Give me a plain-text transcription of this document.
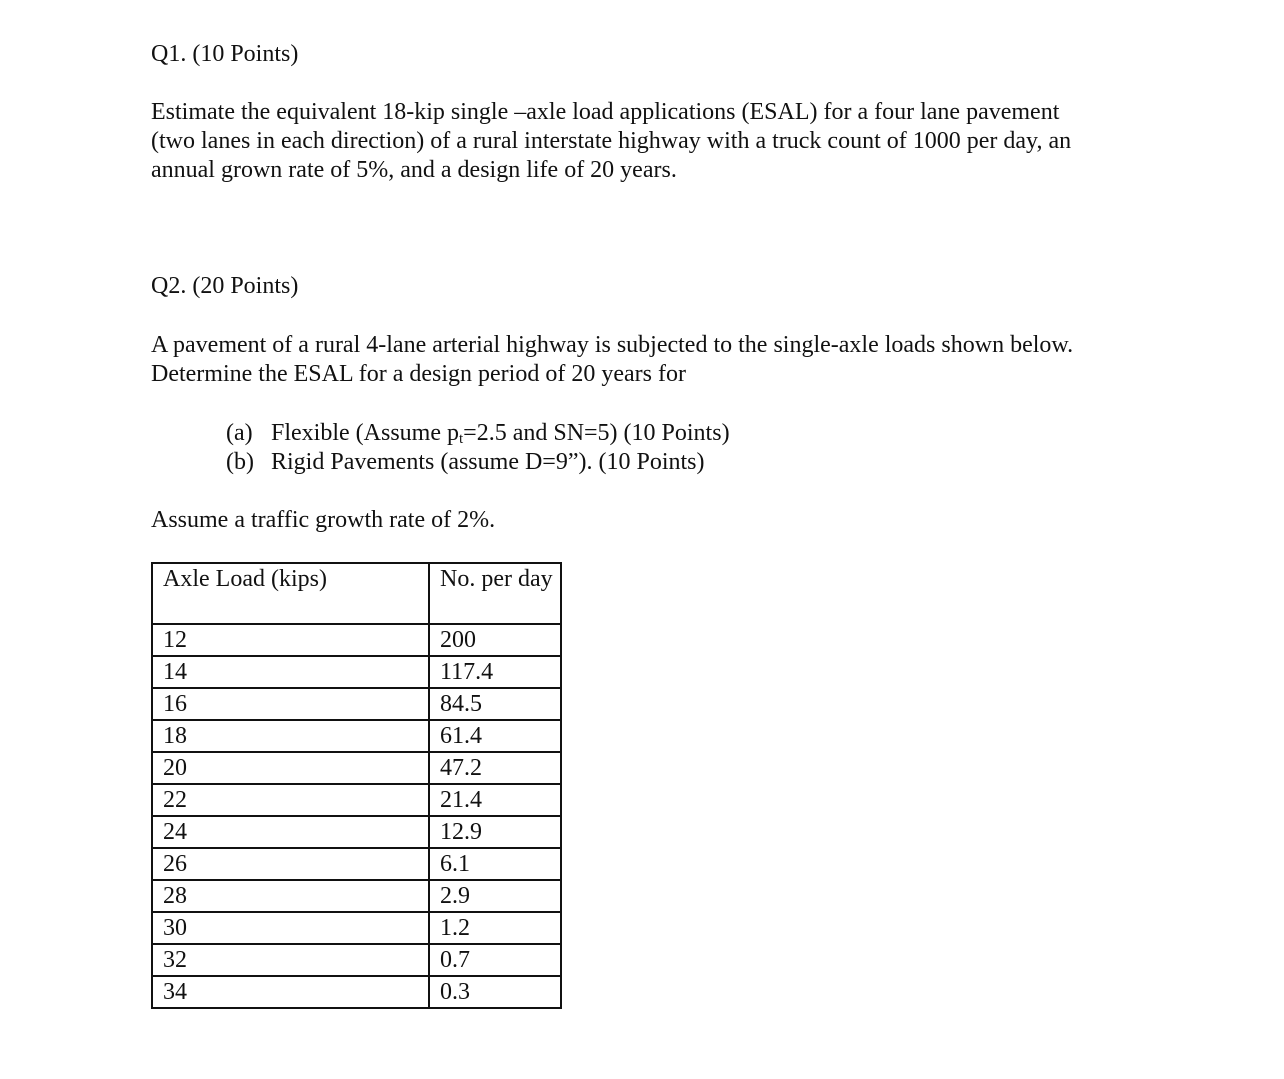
Q1. (10 Points)
Estimate the equivalent 18-kip single –axle load applications (ESAL) for a four lane pavement
(two lanes in each direction) of a rural interstate highway with a truck count of 1000 per day, an
annual grown rate of 5%, and a design life of 20 years.
Q2. (20 Points)
A pavement of a rural 4-lane arterial highway is subjected to the single-axle loads shown below.
Determine the ESAL for a design period of 20 years for
(a) Flexible (Assume $p_t=2.5$ and SN=5) (10 Points)
(b) Rigid Pavements (assume D=9”). (10 Points)
Assume a traffic growth rate of 2%.
Axle Load (kips)	No. per day
12	200
14	117.4
16	84.5
18	61.4
20	47.2
22	21.4
24	12.9
26	6.1
28	2.9
30	1.2
32	0.7
34	0.3
